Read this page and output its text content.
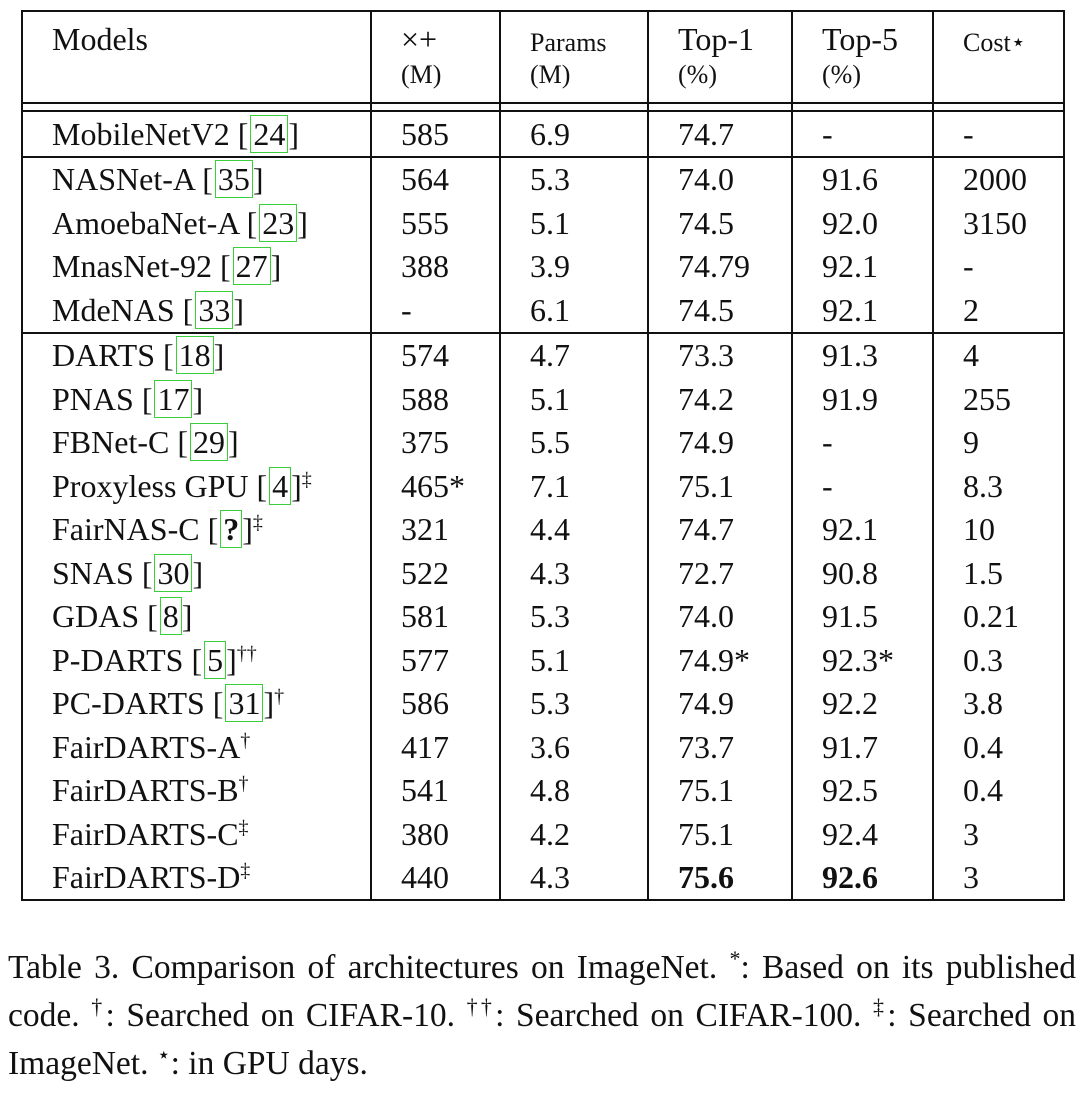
Models	×+	Params	Top-1	Top-5	Cost⋆
	(M)	(M)	(%)	(%)	

MobileNetV2 [ 24]	585	6.9	74.7	-	-
NASNet-A [ 35]	564	5.3	74.0	91.6	2000
AmoebaNet-A [ 23]	555	5.1	74.5	92.0	3150
MnasNet-92 [ 27]	388	3.9	74.79	92.1	-
MdeNAS [ 33]	-	6.1	74.5	92.1	2
DARTS [ 18]	574	4.7	73.3	91.3	4
PNAS [ 17]	588	5.1	74.2	91.9	255
FBNet-C [ 29]	375	5.5	74.9	-	9
Proxyless GPU [ 4]‡	465*	7.1	75.1	-	8.3
FairNAS-C [ ?]‡	321	4.4	74.7	92.1	10
SNAS [ 30]	522	4.3	72.7	90.8	1.5
GDAS [ 8]	581	5.3	74.0	91.5	0.21
P-DARTS [ 5]††	577	5.1	74.9*	92.3*	0.3
PC-DARTS [ 31]†	586	5.3	74.9	92.2	3.8
FairDARTS-A†	417	3.6	73.7	91.7	0.4
FairDARTS-B†	541	4.8	75.1	92.5	0.4
FairDARTS-C‡	380	4.2	75.1	92.4	3
FairDARTS-D‡	440	4.3	75.6	92.6	3
Table 3. Comparison of architectures on ImageNet. *: Based on its published code. †: Searched on CIFAR-10. ††: Searched on CIFAR-100. ‡: Searched on ImageNet. ⋆: in GPU days.
